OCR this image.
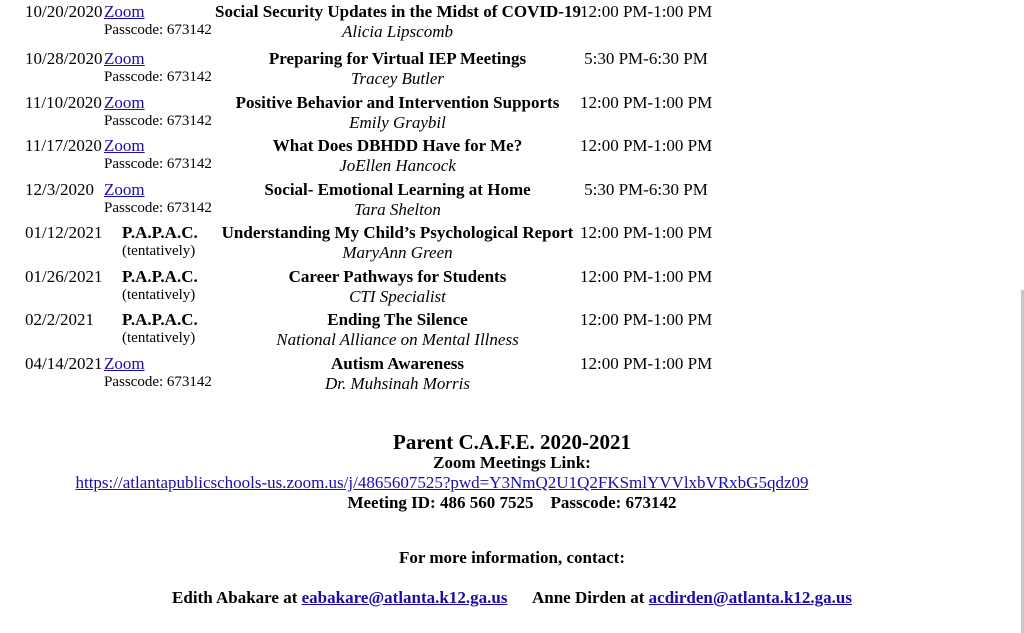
10/20/2020 Zoom
Passcode: 673142
Social Security Updates in the Midst of COVID-19
Alicia Lipscomb
12:00 PM-1:00 PM
10/28/2020 Zoom
Passcode: 673142
Preparing for Virtual IEP Meetings
Tracey Butler
5:30 PM-6:30 PM
11/10/2020 Zoom
Passcode: 673142
Positive Behavior and Intervention Supports
Emily Graybil
12:00 PM-1:00 PM
11/17/2020 Zoom
Passcode: 673142
What Does DBHDD Have for Me?
JoEllen Hancock
12:00 PM-1:00 PM
12/3/2020 Zoom
Passcode: 673142
Social- Emotional Learning at Home
Tara Shelton
5:30 PM-6:30 PM
01/12/2021 P.A.P.A.C.
(tentatively)
Understanding My Child’s Psychological Report
MaryAnn Green
12:00 PM-1:00 PM
01/26/2021 P.A.P.A.C.
(tentatively)
Career Pathways for Students
CTI Specialist
12:00 PM-1:00 PM
02/2/2021 P.A.P.A.C.
(tentatively)
Ending The Silence
National Alliance on Mental Illness
12:00 PM-1:00 PM
04/14/2021 Zoom
Passcode: 673142
Autism Awareness
Dr. Muhsinah Morris
12:00 PM-1:00 PM
Parent C.A.F.E. 2020-2021
Zoom Meetings Link:
https://atlantapublicschools-us.zoom.us/j/4865607525?pwd=Y3NmQ2U1Q2FKSmlYVVlxbVRxbG5qdz09
Meeting ID: 486 560 7525    Passcode: 673142
For more information, contact:

Edith Abakare at eabakare@atlanta.k12.ga.us Anne Dirden at acdirden@atlanta.k12.ga.us
